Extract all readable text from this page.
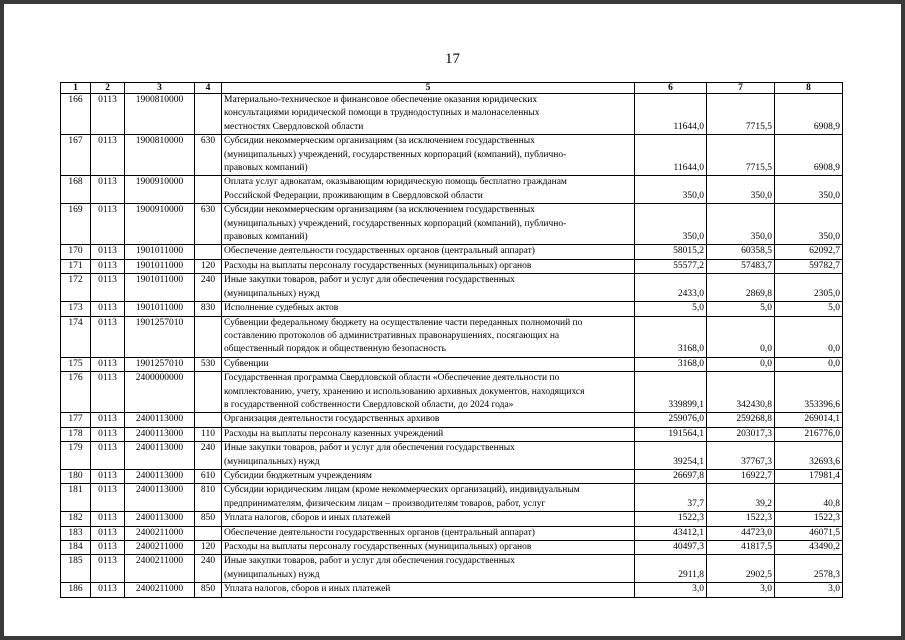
17
1	2	3	4	5	6	7	8
166	0113	1900810000		Материально-техническое и финансовое обеспечение оказания юридических
консультациями юридической помощи в труднодоступных и малонаселенных
местностях Свердловской области	11644,0	7715,5	6908,9
167	0113	1900810000	630	Субсидии некоммерческим организациям (за исключением государственных
(муниципальных) учреждений, государственных корпораций (компаний), публично-
правовых компаний)	11644,0	7715,5	6908,9
168	0113	1900910000		Оплата услуг адвокатам, оказывающим юридическую помощь бесплатно гражданам
Российской Федерации, проживающим в Свердловской области	350,0	350,0	350,0
169	0113	1900910000	630	Субсидии некоммерческим организациям (за исключением государственных
(муниципальных) учреждений, государственных корпораций (компаний), публично-
правовых компаний)	350,0	350,0	350,0
170	0113	1901011000		Обеспечение деятельности государственных органов (центральный аппарат)	58015,2	60358,5	62092,7
171	0113	1901011000	120	Расходы на выплаты персоналу государственных (муниципальных) органов	55577,2	57483,7	59782,7
172	0113	1901011000	240	Иные закупки товаров, работ и услуг для обеспечения государственных
(муниципальных) нужд	2433,0	2869,8	2305,0
173	0113	1901011000	830	Исполнение судебных актов	5,0	5,0	5,0
174	0113	1901257010		Субвенции федеральному бюджету на осуществление части переданных полномочий по
составлению протоколов об административных правонарушениях, посягающих на
общественный порядок и общественную безопасность	3168,0	0,0	0,0
175	0113	1901257010	530	Субвенции	3168,0	0,0	0,0
176	0113	2400000000		Государственная программа Свердловской области «Обеспечение деятельности по
комплектованию, учету, хранению и использованию архивных документов, находящихся
в государственной собственности Свердловской области, до 2024 года»	339899,1	342430,8	353396,6
177	0113	2400113000		Организация деятельности государственных архивов	259076,0	259268,8	269014,1
178	0113	2400113000	110	Расходы на выплаты персоналу казенных учреждений	191564,1	203017,3	216776,0
179	0113	2400113000	240	Иные закупки товаров, работ и услуг для обеспечения государственных
(муниципальных) нужд	39254,1	37767,3	32693,6
180	0113	2400113000	610	Субсидии бюджетным учреждениям	26697,8	16922,7	17981,4
181	0113	2400113000	810	Субсидии юридическим лицам (кроме некоммерческих организаций), индивидуальным
предпринимателям, физическим лицам – производителям товаров, работ, услуг	37,7	39,2	40,8
182	0113	2400113000	850	Уплата налогов, сборов и иных платежей	1522,3	1522,3	1522,3
183	0113	2400211000		Обеспечение деятельности государственных органов (центральный аппарат)	43412,1	44723,0	46071,5
184	0113	2400211000	120	Расходы на выплаты персоналу государственных (муниципальных) органов	40497,3	41817,5	43490,2
185	0113	2400211000	240	Иные закупки товаров, работ и услуг для обеспечения государственных
(муниципальных) нужд	2911,8	2902,5	2578,3
186	0113	2400211000	850	Уплата налогов, сборов и иных платежей	3,0	3,0	3,0
